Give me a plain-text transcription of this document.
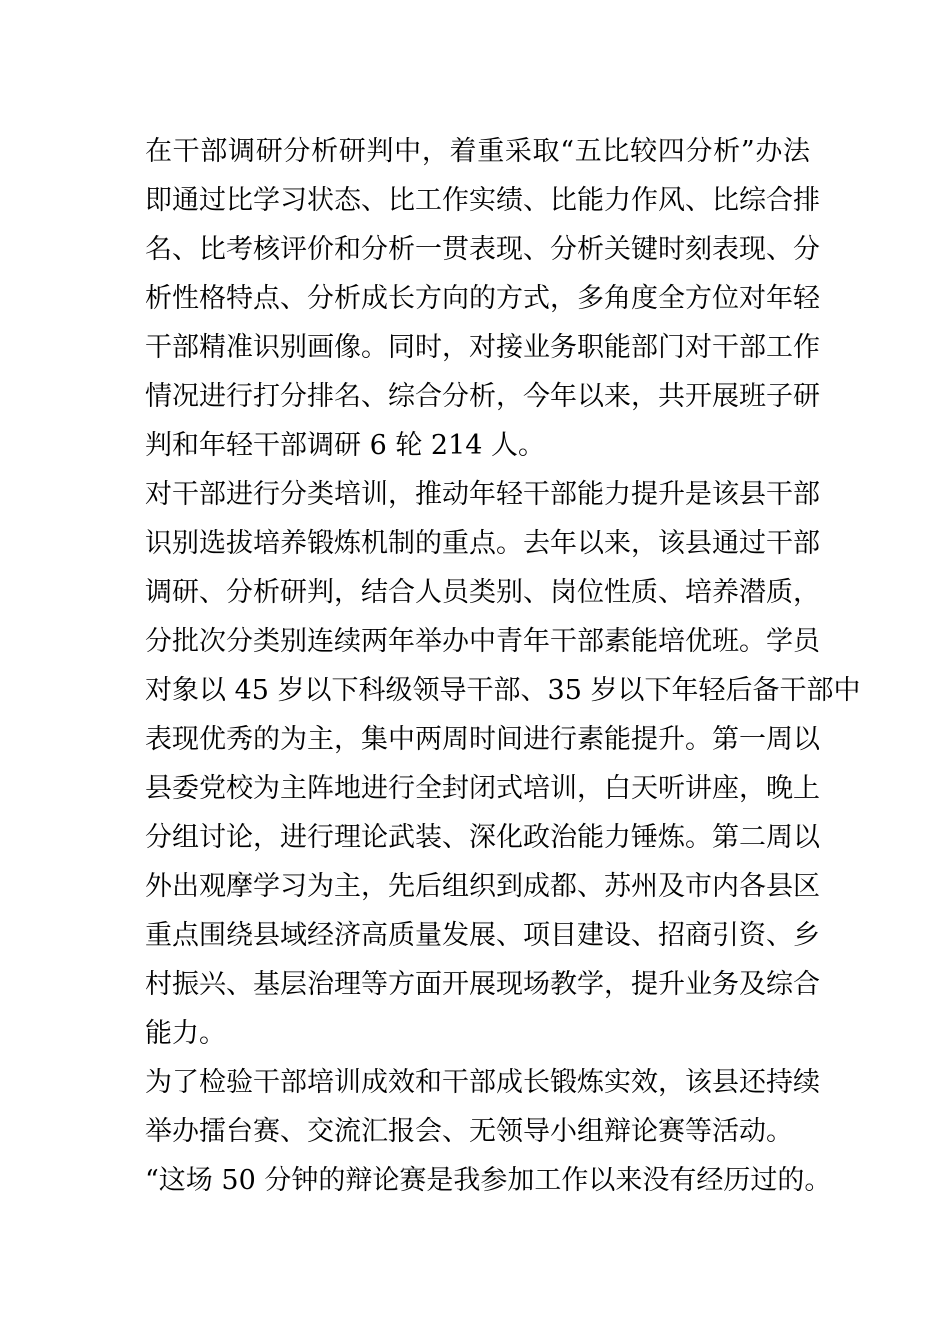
在干部调研分析研判中，着重采取“五比较四分析”办法
即通过比学习状态、比工作实绩、比能力作风、比综合排
名、比考核评价和分析一贯表现、分析关键时刻表现、分
析性格特点、分析成长方向的方式，多角度全方位对年轻
干部精准识别画像。同时，对接业务职能部门对干部工作
情况进行打分排名、综合分析，今年以来，共开展班子研
判和年轻干部调研 6 轮 214 人。
对干部进行分类培训，推动年轻干部能力提升是该县干部
识别选拔培养锻炼机制的重点。去年以来，该县通过干部
调研、分析研判，结合人员类别、岗位性质、培养潜质，
分批次分类别连续两年举办中青年干部素能培优班。学员
对象以 45 岁以下科级领导干部、35 岁以下年轻后备干部中
表现优秀的为主，集中两周时间进行素能提升。第一周以
县委党校为主阵地进行全封闭式培训，白天听讲座，晚上
分组讨论，进行理论武装、深化政治能力锤炼。第二周以
外出观摩学习为主，先后组织到成都、苏州及市内各县区
重点围绕县域经济高质量发展、项目建设、招商引资、乡
村振兴、基层治理等方面开展现场教学，提升业务及综合
能力。
为了检验干部培训成效和干部成长锻炼实效，该县还持续
举办擂台赛、交流汇报会、无领导小组辩论赛等活动。
“这场 50 分钟的辩论赛是我参加工作以来没有经历过的。
